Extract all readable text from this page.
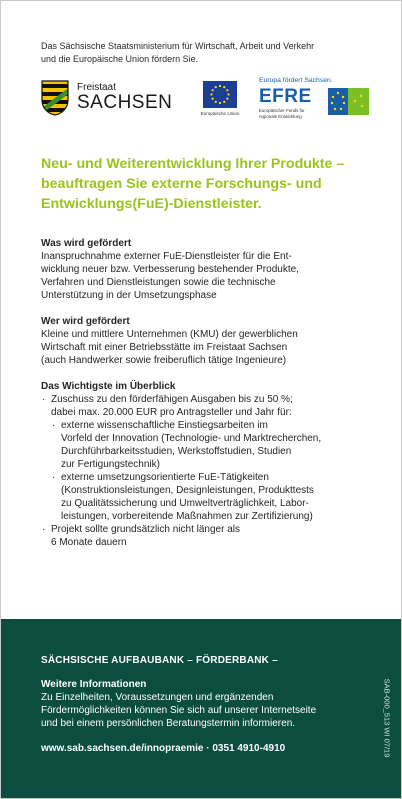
Das Sächsische Staatsministerium für Wirtschaft, Arbeit und Verkehr
und die Europäische Union fördern Sie.
Freistaat
SACHSEN
Europäische Union
Europa fördert Sachsen.
EFRE
Europäischer Fonds für
regionale Entwicklung
Neu- und Weiterentwicklung Ihrer Produkte –
beauftragen Sie externe Forschungs- und
Entwicklungs(FuE)-Dienstleister.
Was wird gefördert
Inanspruchnahme externer FuE-Dienstleister für die Ent-
wicklung neuer bzw. Verbesserung bestehender Produkte,
Verfahren und Dienstleistungen sowie die technische
Unterstützung in der Umsetzungsphase
Wer wird gefördert
Kleine und mittlere Unternehmen (KMU) der gewerblichen
Wirtschaft mit einer Betriebsstätte im Freistaat Sachsen
(auch Handwerker sowie freiberuflich tätige Ingenieure)
Das Wichtigste im Überblick
· Zuschuss zu den förderfähigen Ausgaben bis zu 50 %;
dabei max. 20.000 EUR pro Antragsteller und Jahr für:
· externe wissenschaftliche Einstiegsarbeiten im
Vorfeld der Innovation (Technologie- und Marktrecherchen,
Durchführbarkeitsstudien, Werkstoffstudien, Studien
zur Fertigungstechnik)
· externe umsetzungsorientierte FuE-Tätigkeiten
(Konstruktionsleistungen, Designleistungen, Produkttests
zu Qualitätssicherung und Umweltverträglichkeit, Labor-
leistungen, vorbereitende Maßnahmen zur Zertifizierung)
· Projekt sollte grundsätzlich nicht länger als
6 Monate dauern
SÄCHSISCHE AUFBAUBANK – FÖRDERBANK –
Weitere Informationen
Zu Einzelheiten, Voraussetzungen und ergänzenden
Fördermöglichkeiten können Sie sich auf unserer Internetseite
und bei einem persönlichen Beratungstermin informieren.
www.sab.sachsen.de/innopraemie · 0351 4910-4910	SAB-000_513 WI 07/19
